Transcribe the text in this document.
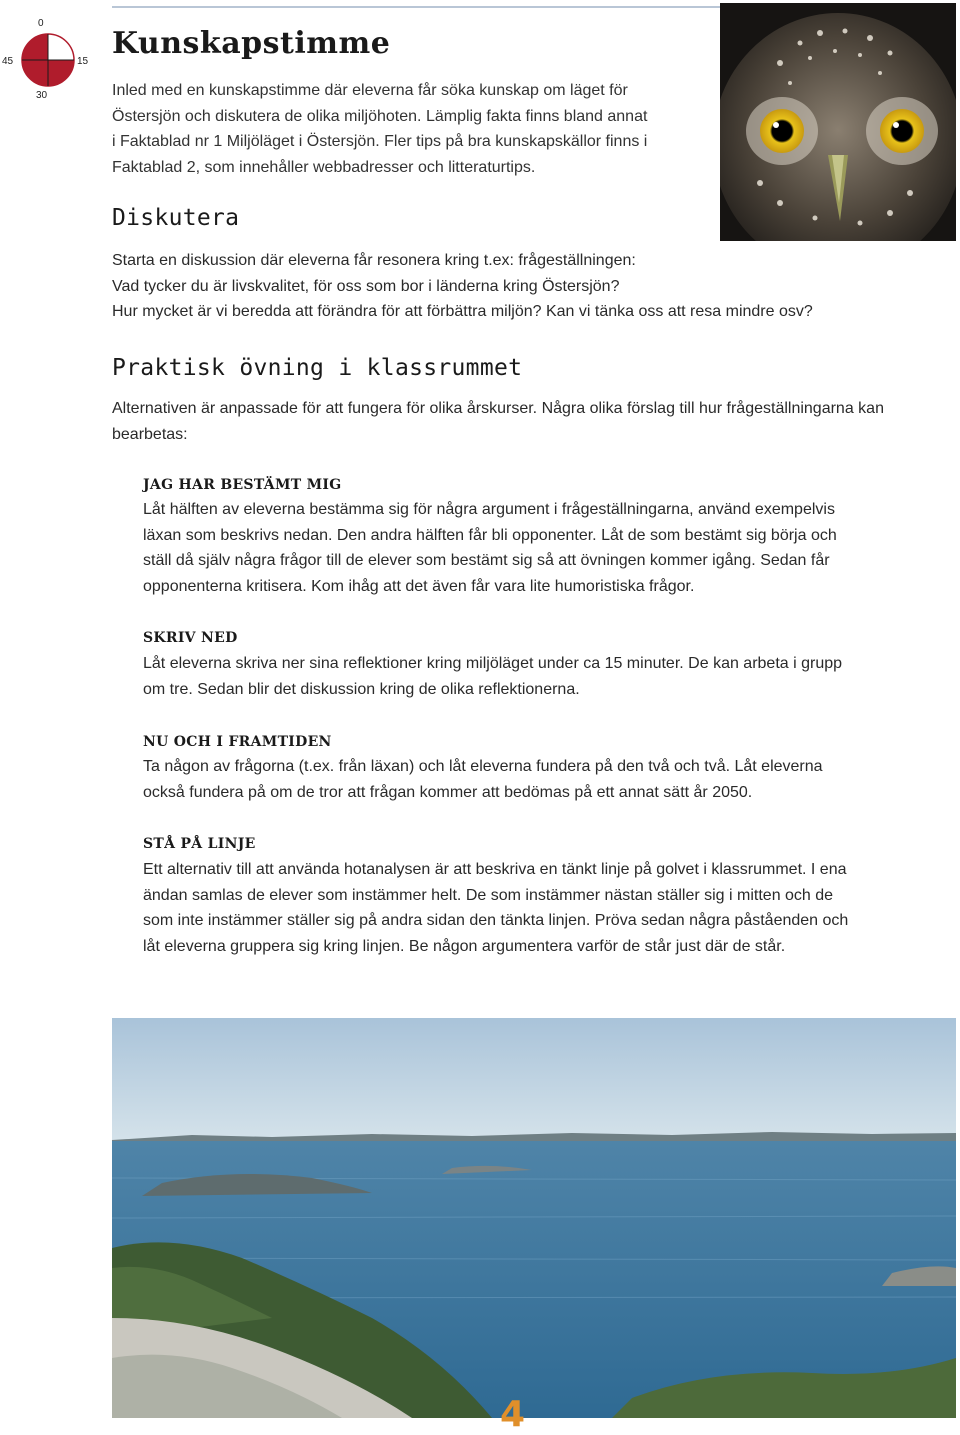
0
45	15
30
Kunskapstimme
Inled med en kunskapstimme där eleverna får söka kunskap om läget för
Östersjön och diskutera de olika miljöhoten. Lämplig fakta finns bland annat
i Faktablad nr 1 Miljöläget i Östersjön. Fler tips på bra kunskapskällor finns i
Faktablad 2, som innehåller webbadresser och litteraturtips.
Diskutera
Starta en diskussion där eleverna får resonera kring t.ex: frågeställningen:
Vad tycker du är livskvalitet, för oss som bor i länderna kring Östersjön?
Hur mycket är vi beredda att förändra för att förbättra miljön? Kan vi tänka oss att resa mindre osv?
Praktisk övning i klassrummet
Alternativen är anpassade för att fungera för olika årskurser. Några olika förslag till hur frågeställningarna kan
bearbetas:
JAG HAR BESTÄMT MIG
Låt hälften av eleverna bestämma sig för några argument i frågeställningarna, använd exempelvis
läxan som beskrivs nedan. Den andra hälften får bli opponenter. Låt de som bestämt sig börja och
ställ då själv några frågor till de elever som bestämt sig så att övningen kommer igång. Sedan får
opponenterna kritisera. Kom ihåg att det även får vara lite humoristiska frågor.
SKRIV NED
Låt eleverna skriva ner sina reflektioner kring miljöläget under ca 15 minuter. De kan arbeta i grupp
om tre. Sedan blir det diskussion kring de olika reflektionerna.
NU OCH I FRAMTIDEN
Ta någon av frågorna (t.ex. från läxan) och låt eleverna fundera på den två och två. Låt eleverna
också fundera på om de tror att frågan kommer att bedömas på ett annat sätt år 2050.
STÅ PÅ LINJE
Ett alternativ till att använda hotanalysen är att beskriva en tänkt linje på golvet i klassrummet. I ena
ändan samlas de elever som instämmer helt. De som instämmer nästan ställer sig i mitten och de
som inte instämmer ställer sig på andra sidan den tänkta linjen. Pröva sedan några påståenden och
låt eleverna gruppera sig kring linjen. Be någon argumentera varför de står just där de står.
4
